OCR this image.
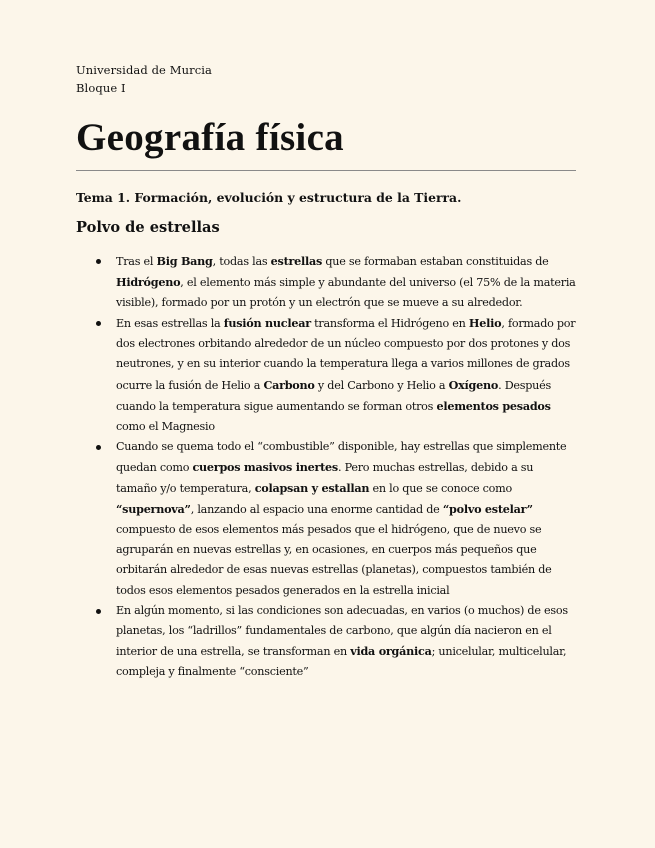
Universidad de Murcia
Bloque I
Geografía física
Tema 1. Formación, evolución y estructura de la Tierra.
Polvo de estrellas
Tras el Big Bang, todas las estrellas que se formaban estaban constituidas de Hidrógeno, el elemento más simple y abundante del universo (el 75% de la materia visible), formado por un protón y un electrón que se mueve a su alrededor.
En esas estrellas la fusión nuclear transforma el Hidrógeno en Helio, formado por dos electrones orbitando alrededor de un núcleo compuesto por dos protones y dos neutrones, y en su interior cuando la temperatura llega a varios millones de grados ocurre la fusión de Helio a Carbono y del Carbono y Helio a Oxígeno. Después cuando la temperatura sigue aumentando se forman otros elementos pesados como el Magnesio
Cuando se quema todo el “combustible” disponible, hay estrellas que simplemente quedan como cuerpos masivos inertes. Pero muchas estrellas, debido a su tamaño y/o temperatura, colapsan y estallan en lo que se conoce como “supernova”, lanzando al espacio una enorme cantidad de “polvo estelar” compuesto de esos elementos más pesados que el hidrógeno, que de nuevo se agruparán en nuevas estrellas y, en ocasiones, en cuerpos más pequeños que orbitarán alrededor de esas nuevas estrellas (planetas), compuestos también de todos esos elementos pesados generados en la estrella inicial
En algún momento, si las condiciones son adecuadas, en varios (o muchos) de esos planetas, los “ladrillos” fundamentales de carbono, que algún día nacieron en el interior de una estrella, se transforman en vida orgánica; unicelular, multicelular, compleja y finalmente “consciente”
